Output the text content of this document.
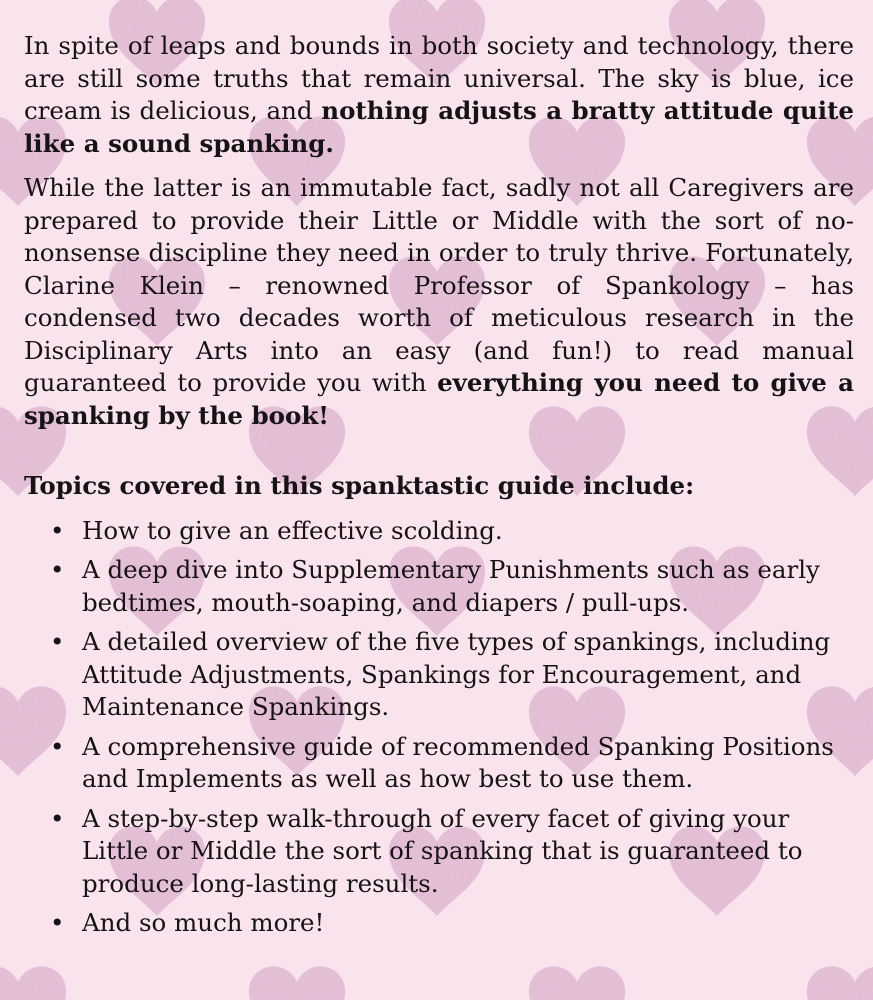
In spite of leaps and bounds in both society and technology, there are still some truths that remain universal. The sky is blue, ice cream is delicious, and nothing adjusts a bratty attitude quite like a sound spanking.

While the latter is an immutable fact, sadly not all Caregivers are prepared to provide their Little or Middle with the sort of no-nonsense discipline they need in order to truly thrive. Fortunately, Clarine Klein – renowned Professor of Spankology – has condensed two decades worth of meticulous research in the Disciplinary Arts into an easy (and fun!) to read manual guaranteed to provide you with everything you need to give a spanking by the book!

Topics covered in this spanktastic guide include:
• How to give an effective scolding.
• A deep dive into Supplementary Punishments such as early bedtimes, mouth-soaping, and diapers / pull-ups.
• A detailed overview of the five types of spankings, including Attitude Adjustments, Spankings for Encouragement, and Maintenance Spankings.
• A comprehensive guide of recommended Spanking Positions and Implements as well as how best to use them.
• A step-by-step walk-through of every facet of giving your Little or Middle the sort of spanking that is guaranteed to produce long-lasting results.
• And so much more!
